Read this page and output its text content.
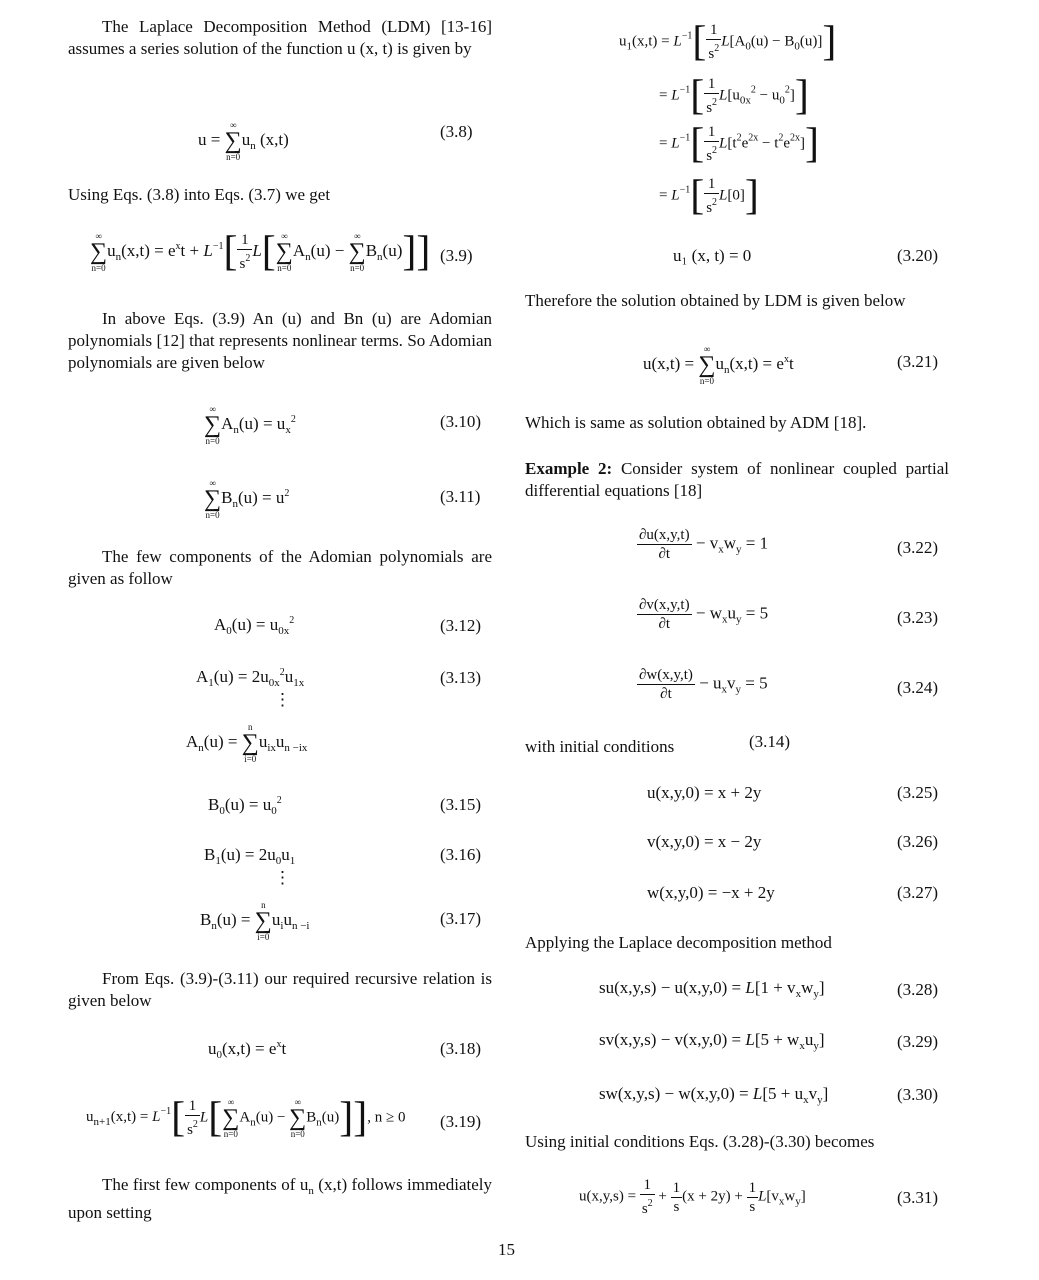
The Laplace Decomposition Method (LDM) [13-16] assumes a series solution of the function u (x, t) is given by
u =
∞
∑
n=0
$u_n$ (x,t)	(3.8)
Using Eqs. (3.8) into Eqs. (3.7) we get
∞
∑
n=0
$u_n(x,t) = e^xt + L^{-1}[ \frac{1}{s^2} L$[ ∞
∑
n=0
$A_n(u)$ −
∞
∑
n=0
$B_n(u)$]] (3.9)
In above Eqs. (3.9) An (u) and Bn (u) are Adomian polynomials [12] that represents nonlinear terms. So Adomian polynomials are given below
∞
∑
n=0
$A_n(u) = u_x^2$	(3.10)
∞
∑
n=0
$B_n(u) = u^2$	(3.11)
The few components of the Adomian polynomials are given as follow
$A_0(u) = u_{0x}^2$	(3.12)
$A_1(u) = 2u_{0x}^2u_{1x}$	(3.13)
⋮
$A_n(u)$ =
n
∑
i=0
$u_{ix}u_{n -ix}$
$B_0(u) = u_0^2$	(3.15)
$B_1(u) = 2u_0u_1$	(3.16)
⋮
$B_n(u)$ =
n
∑
i=0
$u_iu_{n -i}$	(3.17)
From Eqs. (3.9)-(3.11) our required recursive relation is given below
$u_0(x,t) = e^xt$	(3.18)
$u_{n+1}(x,t) = L^{-1}[ \frac{1}{s^2} L$[ ∞
∑
n=0
$A_n(u)$ −
∞
∑
n=0
$B_n(u)$]], n ≥ 0 (3.19)
The first few components of $u_n$ (x,t) follows immediately upon setting
$u_1(x,t) = L^{-1}[ \frac{1}{s^2} L[A_0(u) - B_0(u)]]$
= $L^{-1}[ \frac{1}{s^2} L[u_{0x}^2 - u_0^2]]$
= $L^{-1}[ \frac{1}{s^2} L[t^2e^{2x} - t^2e^{2x}]]$
= $L^{-1}[ \frac{1}{s^2} L[0]]$
u₁ (x, t) = 0	(3.20)
Therefore the solution obtained by LDM is given below
u(x,t) =
∞
∑
n=0
$u_n(x,t) = e^xt$	(3.21)
Which is same as solution obtained by ADM [18].
Example 2: Consider system of nonlinear coupled partial differential equations [18]
$\frac{\partial u(x,y,t)}{\partial t} - v_xw_y = 1$	(3.22)
$\frac{\partial v(x,y,t)}{\partial t} - w_xu_y = 5$	(3.23)
$\frac{\partial w(x,y,t)}{\partial t} - u_xv_y = 5$	(3.24)
with initial conditions	(3.14)
u(x,y,0) = x + 2y	(3.25)
v(x,y,0) = x − 2y	(3.26)
w(x,y,0) = −x + 2y	(3.27)
Applying the Laplace decomposition method
$su(x,y,s) - u(x,y,0) = L[1 + v_xw_y]$	(3.28)
$sv(x,y,s) - v(x,y,0) = L[5 + w_xu_y]$	(3.29)
$sw(x,y,s) - w(x,y,0) = L[5 + u_xv_y]$	(3.30)
Using initial conditions Eqs. (3.28)-(3.30) becomes
$u(x,y,s) = \frac{1}{s^2} + \frac{1}{s} (x + 2y) + \frac{1}{s} L[v_xw_y]$	(3.31)
15
